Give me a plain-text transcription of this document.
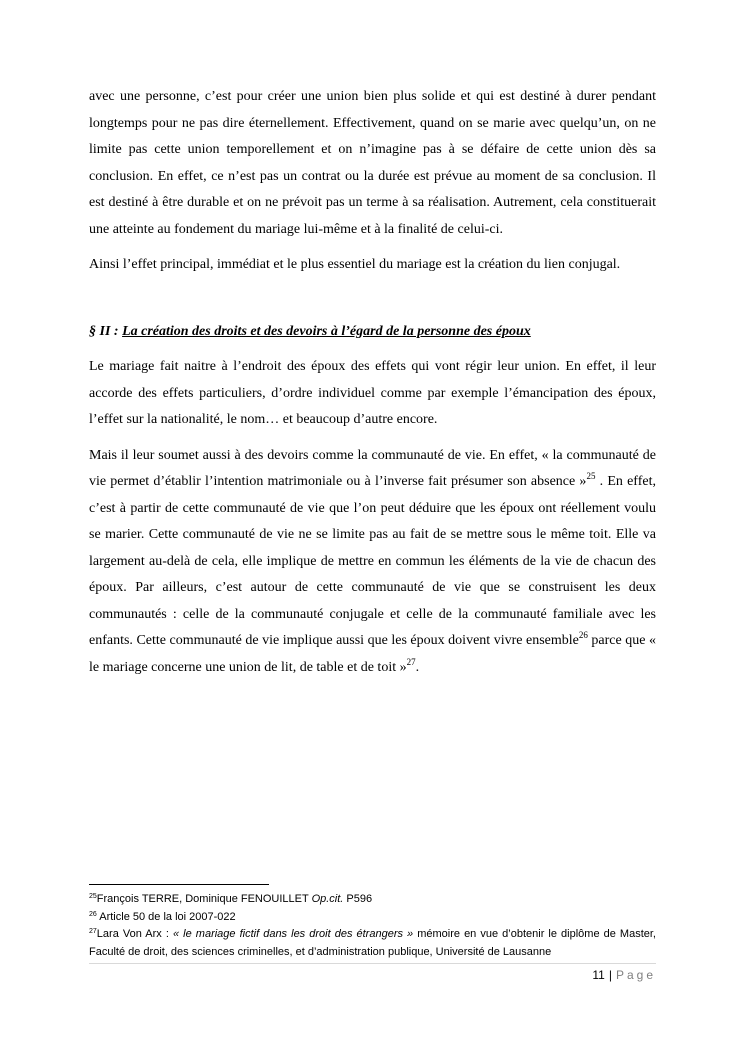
avec une personne, c’est pour créer une union bien plus solide et qui est destiné à durer pendant longtemps pour ne pas dire éternellement. Effectivement, quand on se marie avec quelqu’un, on ne limite pas cette union temporellement et on n’imagine pas à se défaire de cette union dès sa conclusion. En effet, ce n’est pas un contrat ou la durée est prévue au moment de sa conclusion. Il est destiné à être durable et on ne prévoit pas un terme à sa réalisation. Autrement, cela constituerait une atteinte au fondement du mariage lui-même et à la finalité de celui-ci.

Ainsi l’effet principal, immédiat et le plus essentiel du mariage est la création du lien conjugal.

§ II : La création des droits et des devoirs à l’égard de la personne des époux

Le mariage fait naitre à l’endroit des époux des effets qui vont régir leur union. En effet, il leur accorde des effets particuliers, d’ordre individuel comme par exemple l’émancipation des époux, l’effet sur la nationalité, le nom… et beaucoup d’autre encore.

Mais il leur soumet aussi à des devoirs comme la communauté de vie. En effet, « la communauté de vie permet d’établir l’intention matrimoniale ou à l’inverse fait présumer son absence »$^{25}$ . En effet, c’est à partir de cette communauté de vie que l’on peut déduire que les époux ont réellement voulu se marier. Cette communauté de vie ne se limite pas au fait de se mettre sous le même toit. Elle va largement au-delà de cela, elle implique de mettre en commun les éléments de la vie de chacun des époux. Par ailleurs, c’est autour de cette communauté de vie que se construisent les deux communautés : celle de la communauté conjugale et celle de la communauté familiale avec les enfants. Cette communauté de vie implique aussi que les époux doivent vivre ensemble$^{26}$ parce que « le mariage concerne une union de lit, de table et de toit »$^{27}$.

$^{25}$François TERRE, Dominique FENOUILLET Op.cit. P596

$^{26}$ Article 50 de la loi 2007-022

$^{27}$Lara Von Arx : « le mariage fictif dans les droit des étrangers » mémoire en vue d’obtenir le diplôme de Master, Faculté de droit, des sciences criminelles, et d’administration publique, Université de Lausanne

11 | Page
